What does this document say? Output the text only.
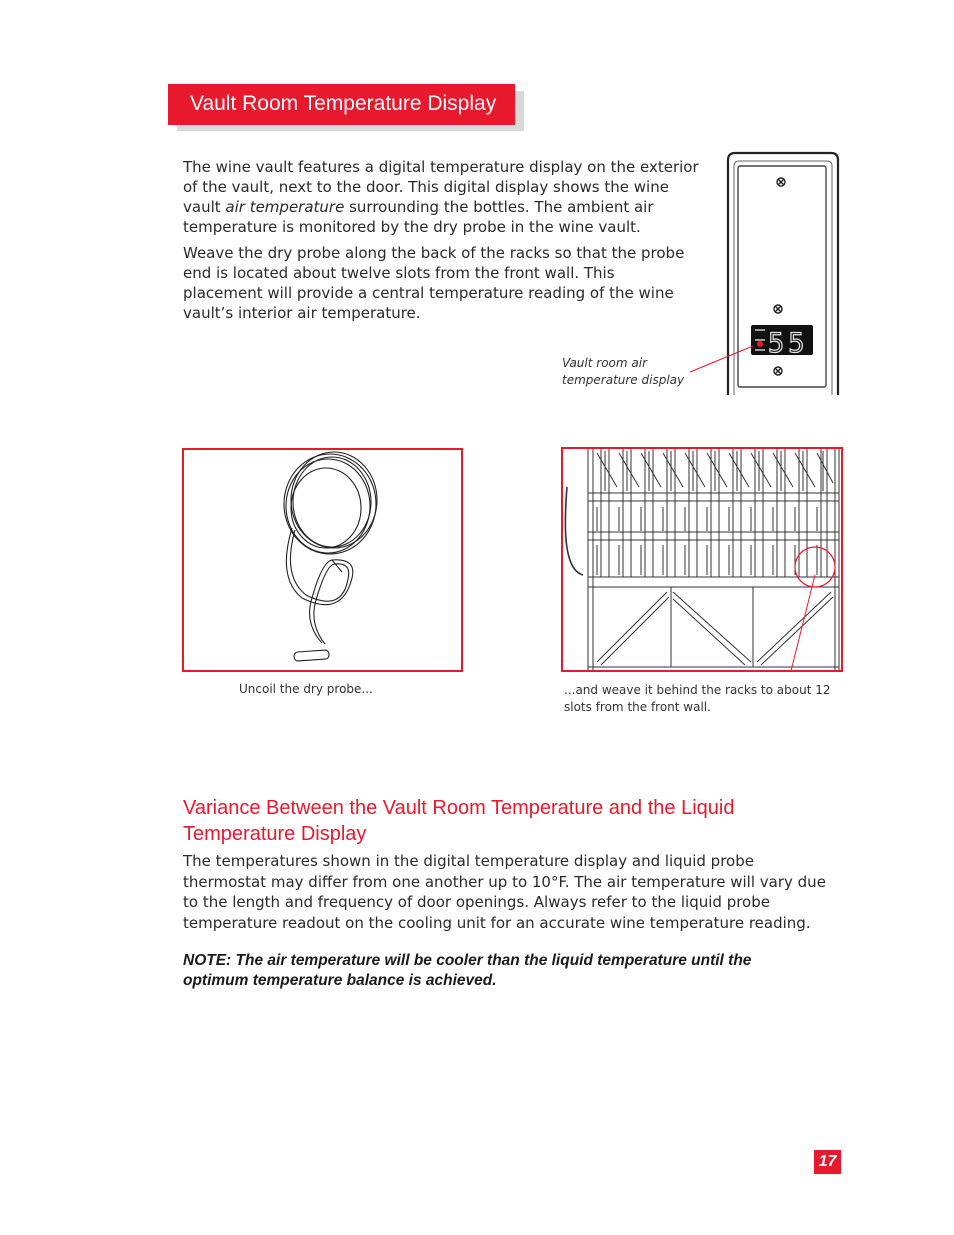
Vault Room Temperature Display
The wine vault features a digital temperature display on the exterior of the vault, next to the door. This digital display shows the wine vault air temperature surrounding the bottles. The ambient air temperature is monitored by the dry probe in the wine vault.
Weave the dry probe along the back of the racks so that the probe end is located about twelve slots from the front wall. This placement will provide a central temperature reading of the wine vault’s interior air temperature.
55
Vault room air
temperature display
Uncoil the dry probe...	...and weave it behind the racks to about 12 slots from the front wall.
Variance Between the Vault Room Temperature and the Liquid Temperature Display
The temperatures shown in the digital temperature display and liquid probe thermostat may differ from one another up to 10°F. The air temperature will vary due to the length and frequency of door openings. Always refer to the liquid probe temperature readout on the cooling unit for an accurate wine temperature reading.
NOTE: The air temperature will be cooler than the liquid temperature until the optimum temperature balance is achieved.
17
